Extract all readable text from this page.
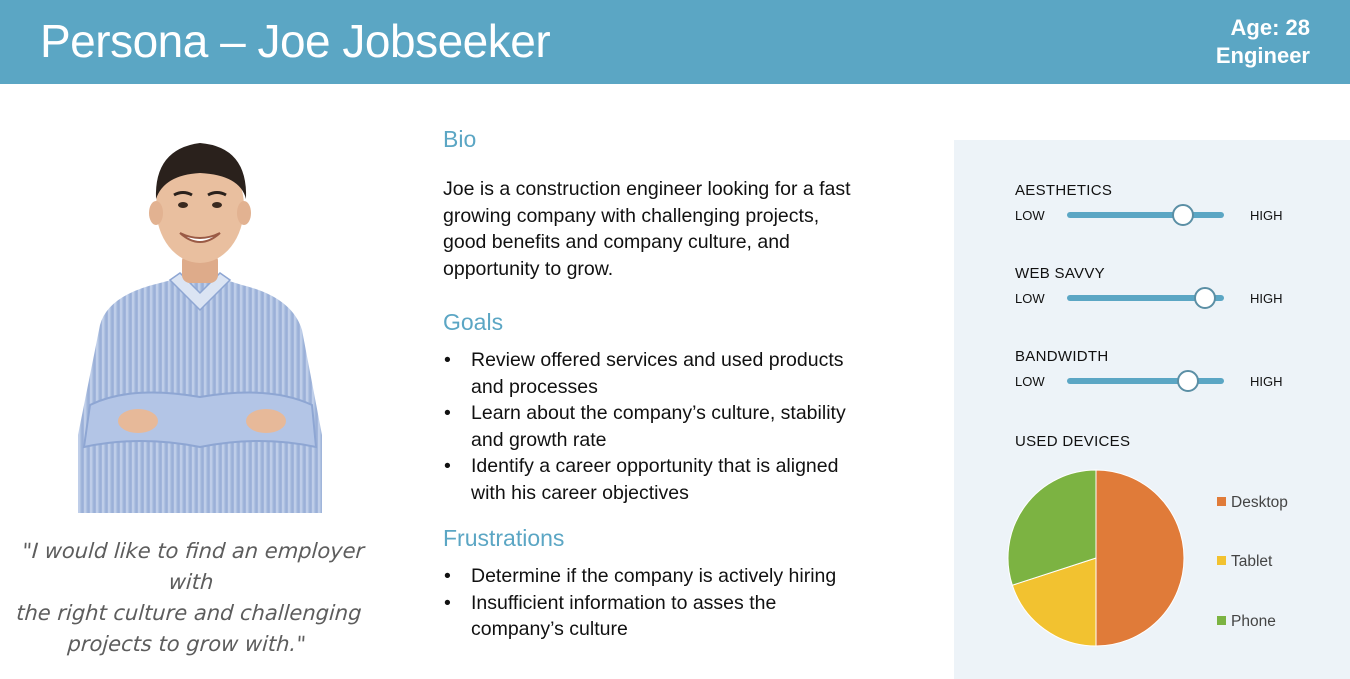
Persona – Joe Jobseeker	Age: 28
Engineer
"I would like to find an employer with
the right culture and challenging
projects to grow with."
Bio
Joe is a construction engineer looking for a fast
growing company with challenging projects,
good benefits and company culture, and
opportunity to grow.
Goals
• Review offered services and used products
and processes
• Learn about the company’s culture, stability
and growth rate
• Identify a career opportunity that is aligned
with his career objectives
Frustrations
• Determine if the company is actively hiring
• Insufficient information to asses the
company’s culture
AESTHETICS
LOW	HIGH
WEB SAVVY
LOW	HIGH
BANDWIDTH
LOW	HIGH
USED DEVICES
Desktop
Tablet
Phone
